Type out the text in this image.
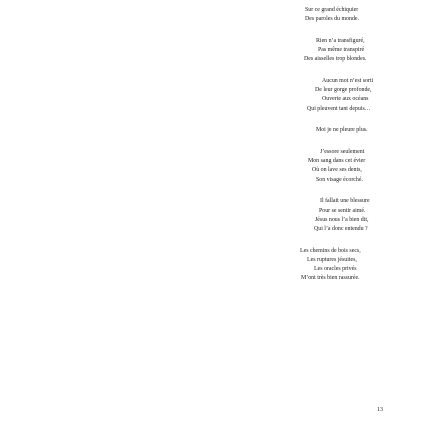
Sur ce grand échiquier
Des paroles du monde.
Rien n’a transfiguré,
Pas même transpiré
Des aisselles trop blondes.
Aucun mot n’est sorti
De leur gorge profonde,
Ouverte aux océans
Qui pleuvent tant depuis…
Moi je ne pleure plus.
J’essore seulement
Mon sang dans cet évier
Où on lave ses dents,
Son visage écorché.
Il fallait une blessure
Pour se sentir aimé.
Jésus nous l’a bien dit,
Qui l’a donc entendu ?
Les chemins de bois secs,
Les ruptures jésuites,
Les oracles privés
M’ont très bien rassurée.
13
